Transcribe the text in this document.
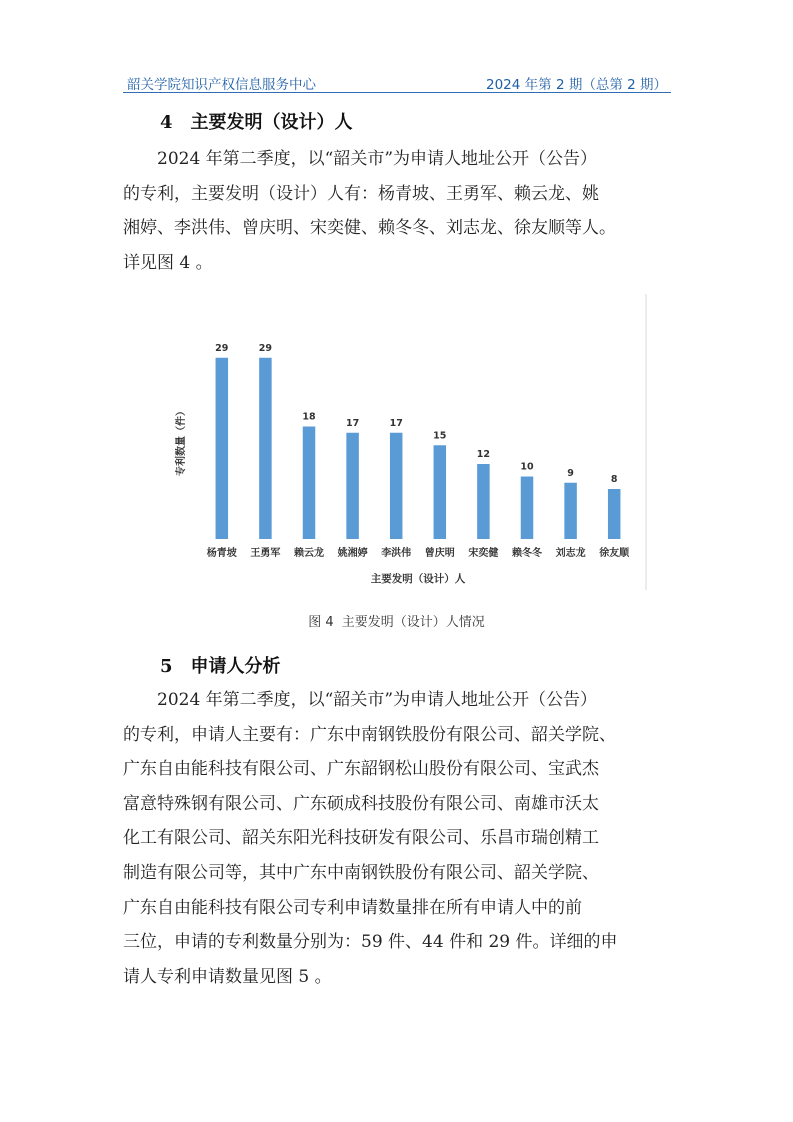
韶关学院知识产权信息服务中心	2024 年第 2 期（总第 2 期）
4 主要发明（设计）人
2024 年第二季度，以“韶关市”为申请人地址公开（公告）
的专利，主要发明（设计）人有：杨青坡、王勇军、赖云龙、姚
湘婷、李洪伟、曾庆明、宋奕健、赖冬冬、刘志龙、徐友顺等人。
详见图 4 。
29	29
18
17	17
15
12
10
9
8
杨青坡 王勇军 赖云龙 姚湘婷 李洪伟 曾庆明 宋奕健 赖冬冬 刘志龙 徐友顺
专利数量（件）
主要发明（设计）人
图 4 主要发明（设计）人情况
5 申请人分析
2024 年第二季度，以“韶关市”为申请人地址公开（公告）
的专利，申请人主要有：广东中南钢铁股份有限公司、韶关学院、
广东自由能科技有限公司、广东韶钢松山股份有限公司、宝武杰
富意特殊钢有限公司、广东硕成科技股份有限公司、南雄市沃太
化工有限公司、韶关东阳光科技研发有限公司、乐昌市瑞创精工
制造有限公司等，其中广东中南钢铁股份有限公司、韶关学院、
广东自由能科技有限公司专利申请数量排在所有申请人中的前
三位，申请的专利数量分别为：59 件、44 件和 29 件。详细的申
请人专利申请数量见图 5 。
